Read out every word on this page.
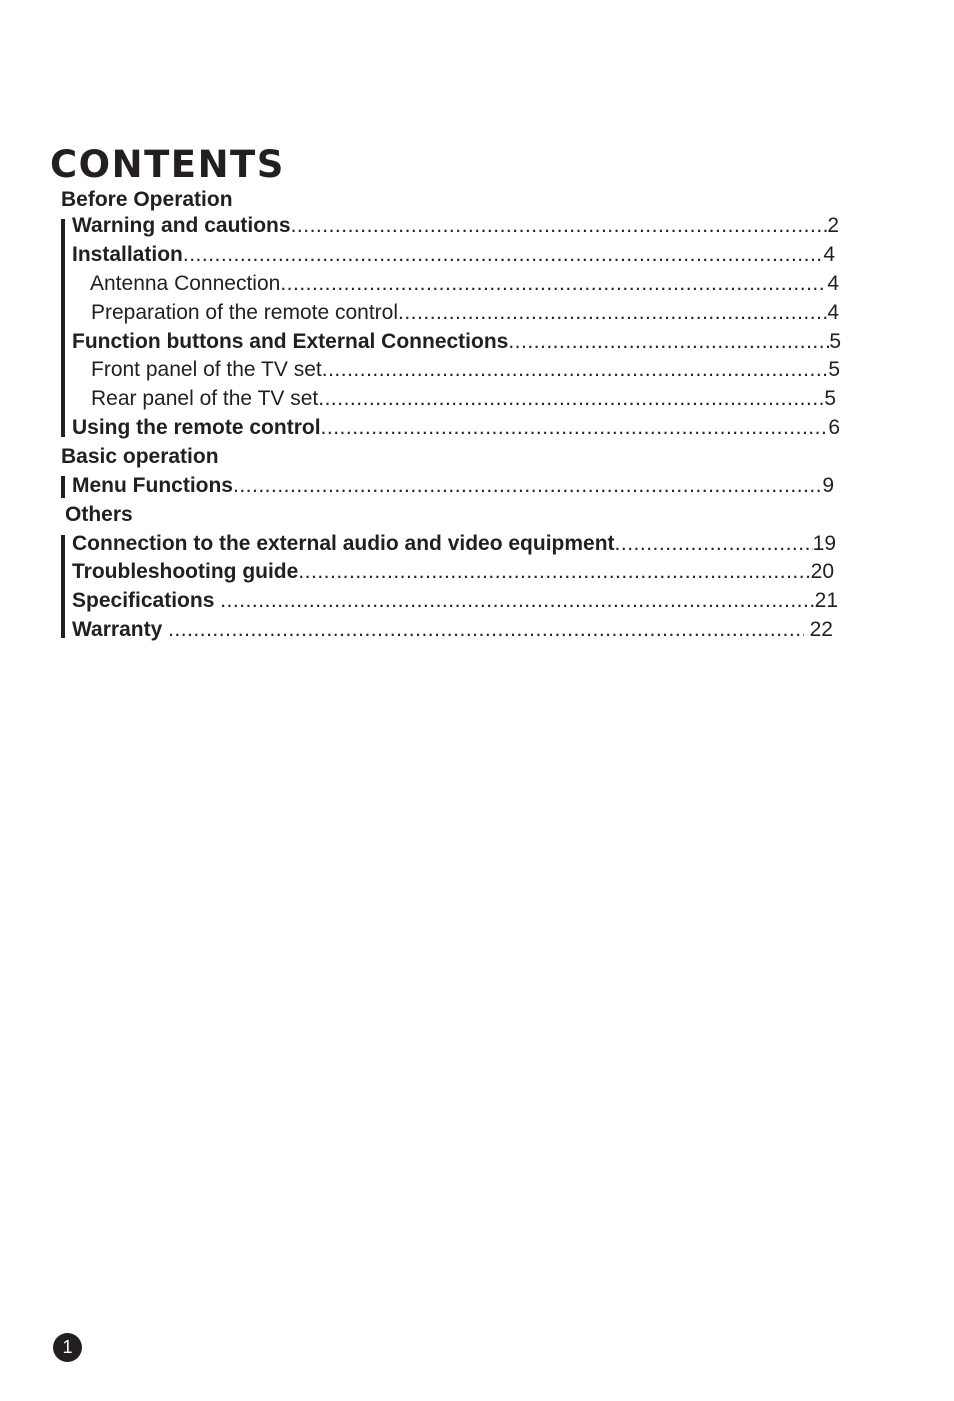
CONTENTS
Before Operation
Warning and cautions .....	2
Installation .....	4
Antenna Connection .....	4
Preparation of the remote control .....	4
Function buttons and External Connections .....	5
Front panel of the TV set .....	5
Rear panel of the TV set .....	5
Using the remote control .....	6
Basic operation
Menu Functions .....	9
Others
Connection to the external audio and video equipment .....	19
Troubleshooting guide .....	20
Specifications .....	21
Warranty .....	22
1
